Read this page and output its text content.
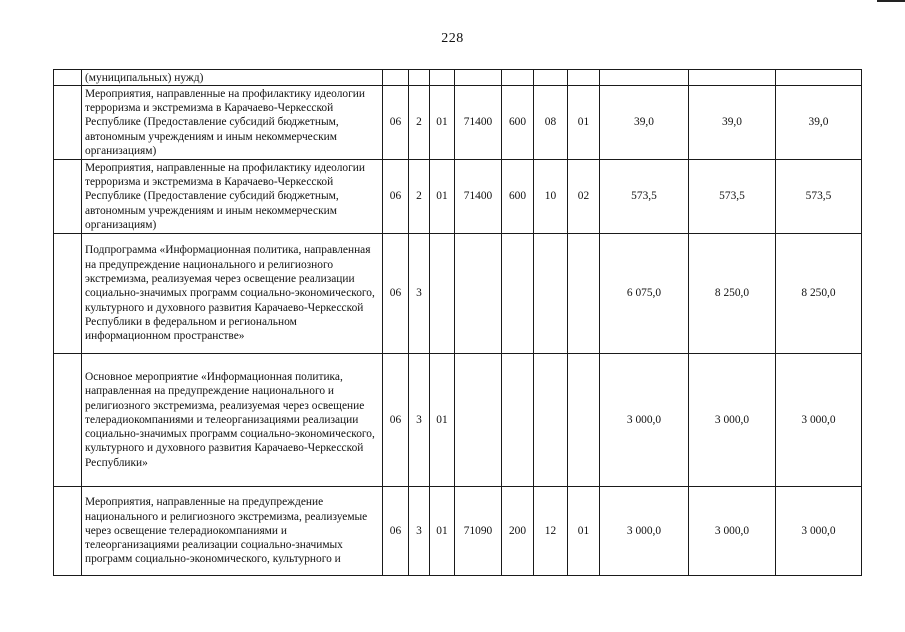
228
	(муниципальных) нужд)										
	Мероприятия, направленные на профилактику идеологии терроризма и экстремизма в Карачаево-Черкесской Республике (Предоставление субсидий бюджетным, автономным учреждениям и иным некоммерческим организациям)	06	2	01	71400	600	08	01	39,0	39,0	39,0
	Мероприятия, направленные на профилактику идеологии терроризма и экстремизма в Карачаево-Черкесской Республике (Предоставление субсидий бюджетным, автономным учреждениям и иным некоммерческим организациям)	06	2	01	71400	600	10	02	573,5	573,5	573,5
	Подпрограмма «Информационная политика, направленная на предупреждение национального и религиозного экстремизма, реализуемая через освещение реализации социально-значимых программ социально-экономического, культурного и духовного развития Карачаево-Черкесской Республики в федеральном и региональном информационном пространстве»	06	3						6 075,0	8 250,0	8 250,0
	Основное мероприятие «Информационная политика, направленная на предупреждение национального и религиозного экстремизма, реализуемая через освещение телерадиокомпаниями и телеорганизациями реализации социально-значимых программ социально-экономического, культурного и духовного развития Карачаево-Черкесской Республики»	06	3	01					3 000,0	3 000,0	3 000,0
	Мероприятия, направленные на предупреждение национального и религиозного экстремизма, реализуемые через освещение телерадиокомпаниями и телеорганизациями реализации социально-значимых программ социально-экономического, культурного и	06	3	01	71090	200	12	01	3 000,0	3 000,0	3 000,0
